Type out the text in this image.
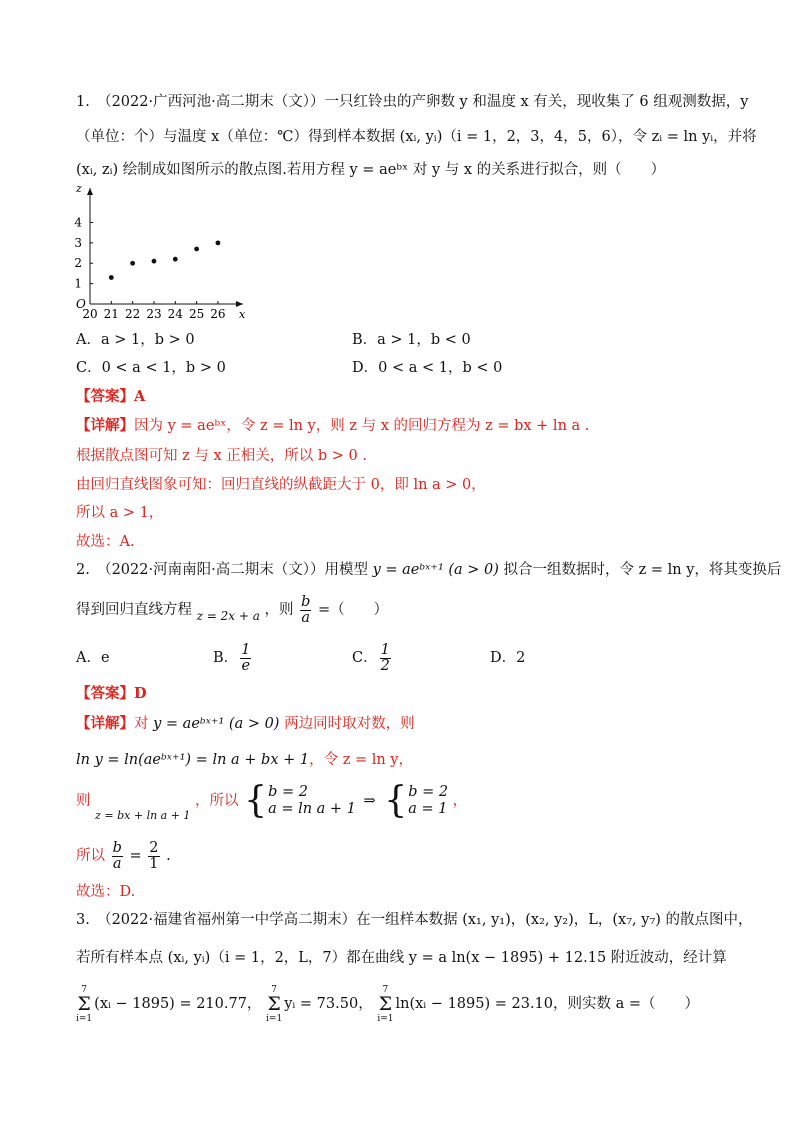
1.　（2022·广西河池·高二期末（文））一只红铃虫的产卵数 y 和温度 x 有关，现收集了 6 组观测数据，y
（单位：个）与温度 x（单位：℃）得到样本数据 (xᵢ, yᵢ)（i = 1，2，3，4，5，6），令 zᵢ = ln yᵢ，并将
(xᵢ, zᵢ) 绘制成如图所示的散点图.若用方程 y = aeᵇˣ 对 y 与 x 的关系进行拟合，则（　　）
x
z
O
20 21 22 23 24 25 26
1
2
3
4
A．a > 1，b > 0	B．a > 1，b < 0
C．0 < a < 1，b > 0	D．0 < a < 1，b < 0
【答案】A
【详解】因为 y = aeᵇˣ，令 z = ln y，则 z 与 x 的回归方程为 z = bx + ln a .
根据散点图可知 z 与 x 正相关，所以 b > 0 .
由回归直线图象可知：回归直线的纵截距大于 0，即 ln a > 0，
所以 a > 1，
故选：A.
2.　（2022·河南南阳·高二期末（文））用模型 y = aeᵇˣ⁺¹ (a > 0) 拟合一组数据时，令 z = ln y，将其变换后
得到回归直线方程 $_{z = 2x + a}$ ，则 $\frac{b}{a}$ =（　　）
A．e	B． $\frac{1}{e}$	C． $\frac{1}{2}$	D．2
【答案】D
【详解】对 y = aeᵇˣ⁺¹ (a > 0) 两边同时取对数，则
ln y = ln(aeᵇˣ⁺¹) = ln a + bx + 1，令 z = ln y，
则 $_{z = bx + ln a + 1}$ ，所以 { b = 2
a = ln a + 1 ⇒ { b = 2
a = 1 ，
所以 $\frac{b}{a} = \frac{2}{1}$ .
故选：D.
3.　（2022·福建省福州第一中学高二期末）在一组样本数据 (x₁, y₁)，(x₂, y₂)，L，(x₇, y₇) 的散点图中，
若所有样本点 (xᵢ, yᵢ)（i = 1，2，L，7）都在曲线 y = a ln(x − 1895) + 12.15 附近波动，经计算
7
Σ
i=1(xᵢ − 1895) = 210.77， 7
Σ
i=1yᵢ = 73.50， 7
Σ
i=1ln(xᵢ − 1895) = 23.10，则实数 a =（　　）
